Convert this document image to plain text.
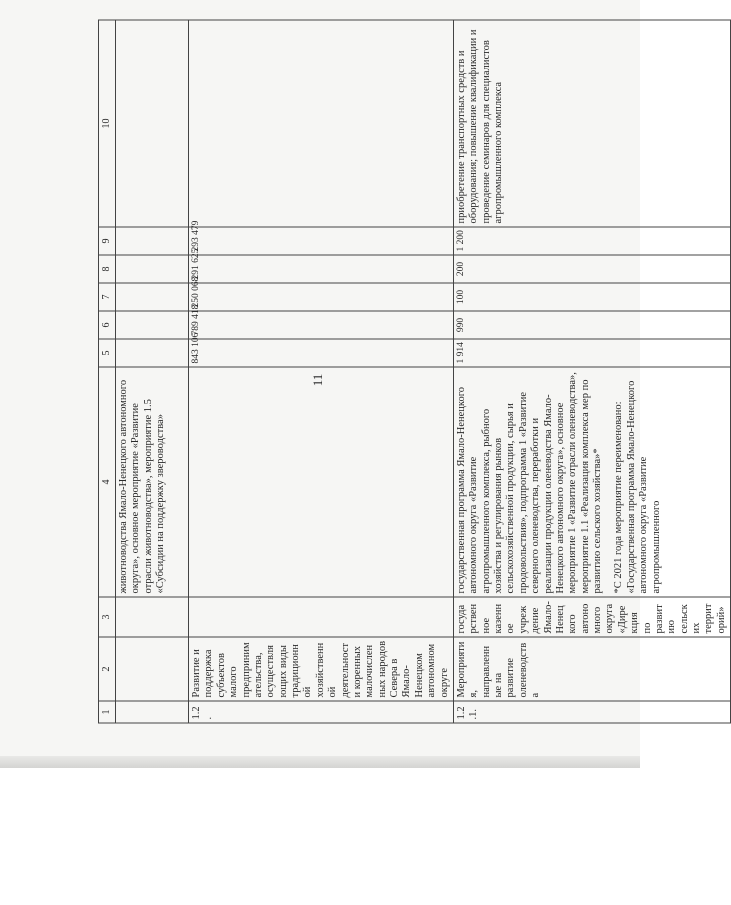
11
1	2	3	4	5	6	7	8	9	10
			животноводства Ямало-Ненецкого автономного округа», основное мероприятие «Развитие отрасли животноводства», мероприятие 1.5 «Субсидии на поддержку звероводства»						
1.2.	Развитие и поддержка субъектов малого предпринимательства, осуществляющих виды традиционной хозяйственной деятельности коренных малочисленных народов Севера в Ямало-Ненецком автономном округе			843 106	789 418	250 068	291 625	293 479	
1.2.1.	Мероприятия, направленные на развитие оленеводства	государственное казенное учреждение Ямало-Ненецкого автономного округа «Дирекция по развитию сельских территорий»	государственная программа Ямало-Ненецкого автономного округа «Развитие агропромышленного комплекса, рыбного хозяйства и регулирования рынков сельскохозяйственной продукции, сырья и продовольствия», подпрограмма 1 «Развитие северного оленеводства, переработки и реализации продукции оленеводства Ямало-Ненецкого автономного округа», основное мероприятие 1 «Развитие отрасли оленеводства», мероприятие 1.1 «Реализация комплекса мер по развитию сельского хозяйства»* *С 2021 года мероприятие переименовано: «Государственная программа Ямало-Ненецкого автономного округа «Развитие агропромышленного	1 914	990	100	200	1 200	приобретение транспортных средств и оборудования; повышение квалификации и проведение семинаров для специалистов агропромышленного комплекса
